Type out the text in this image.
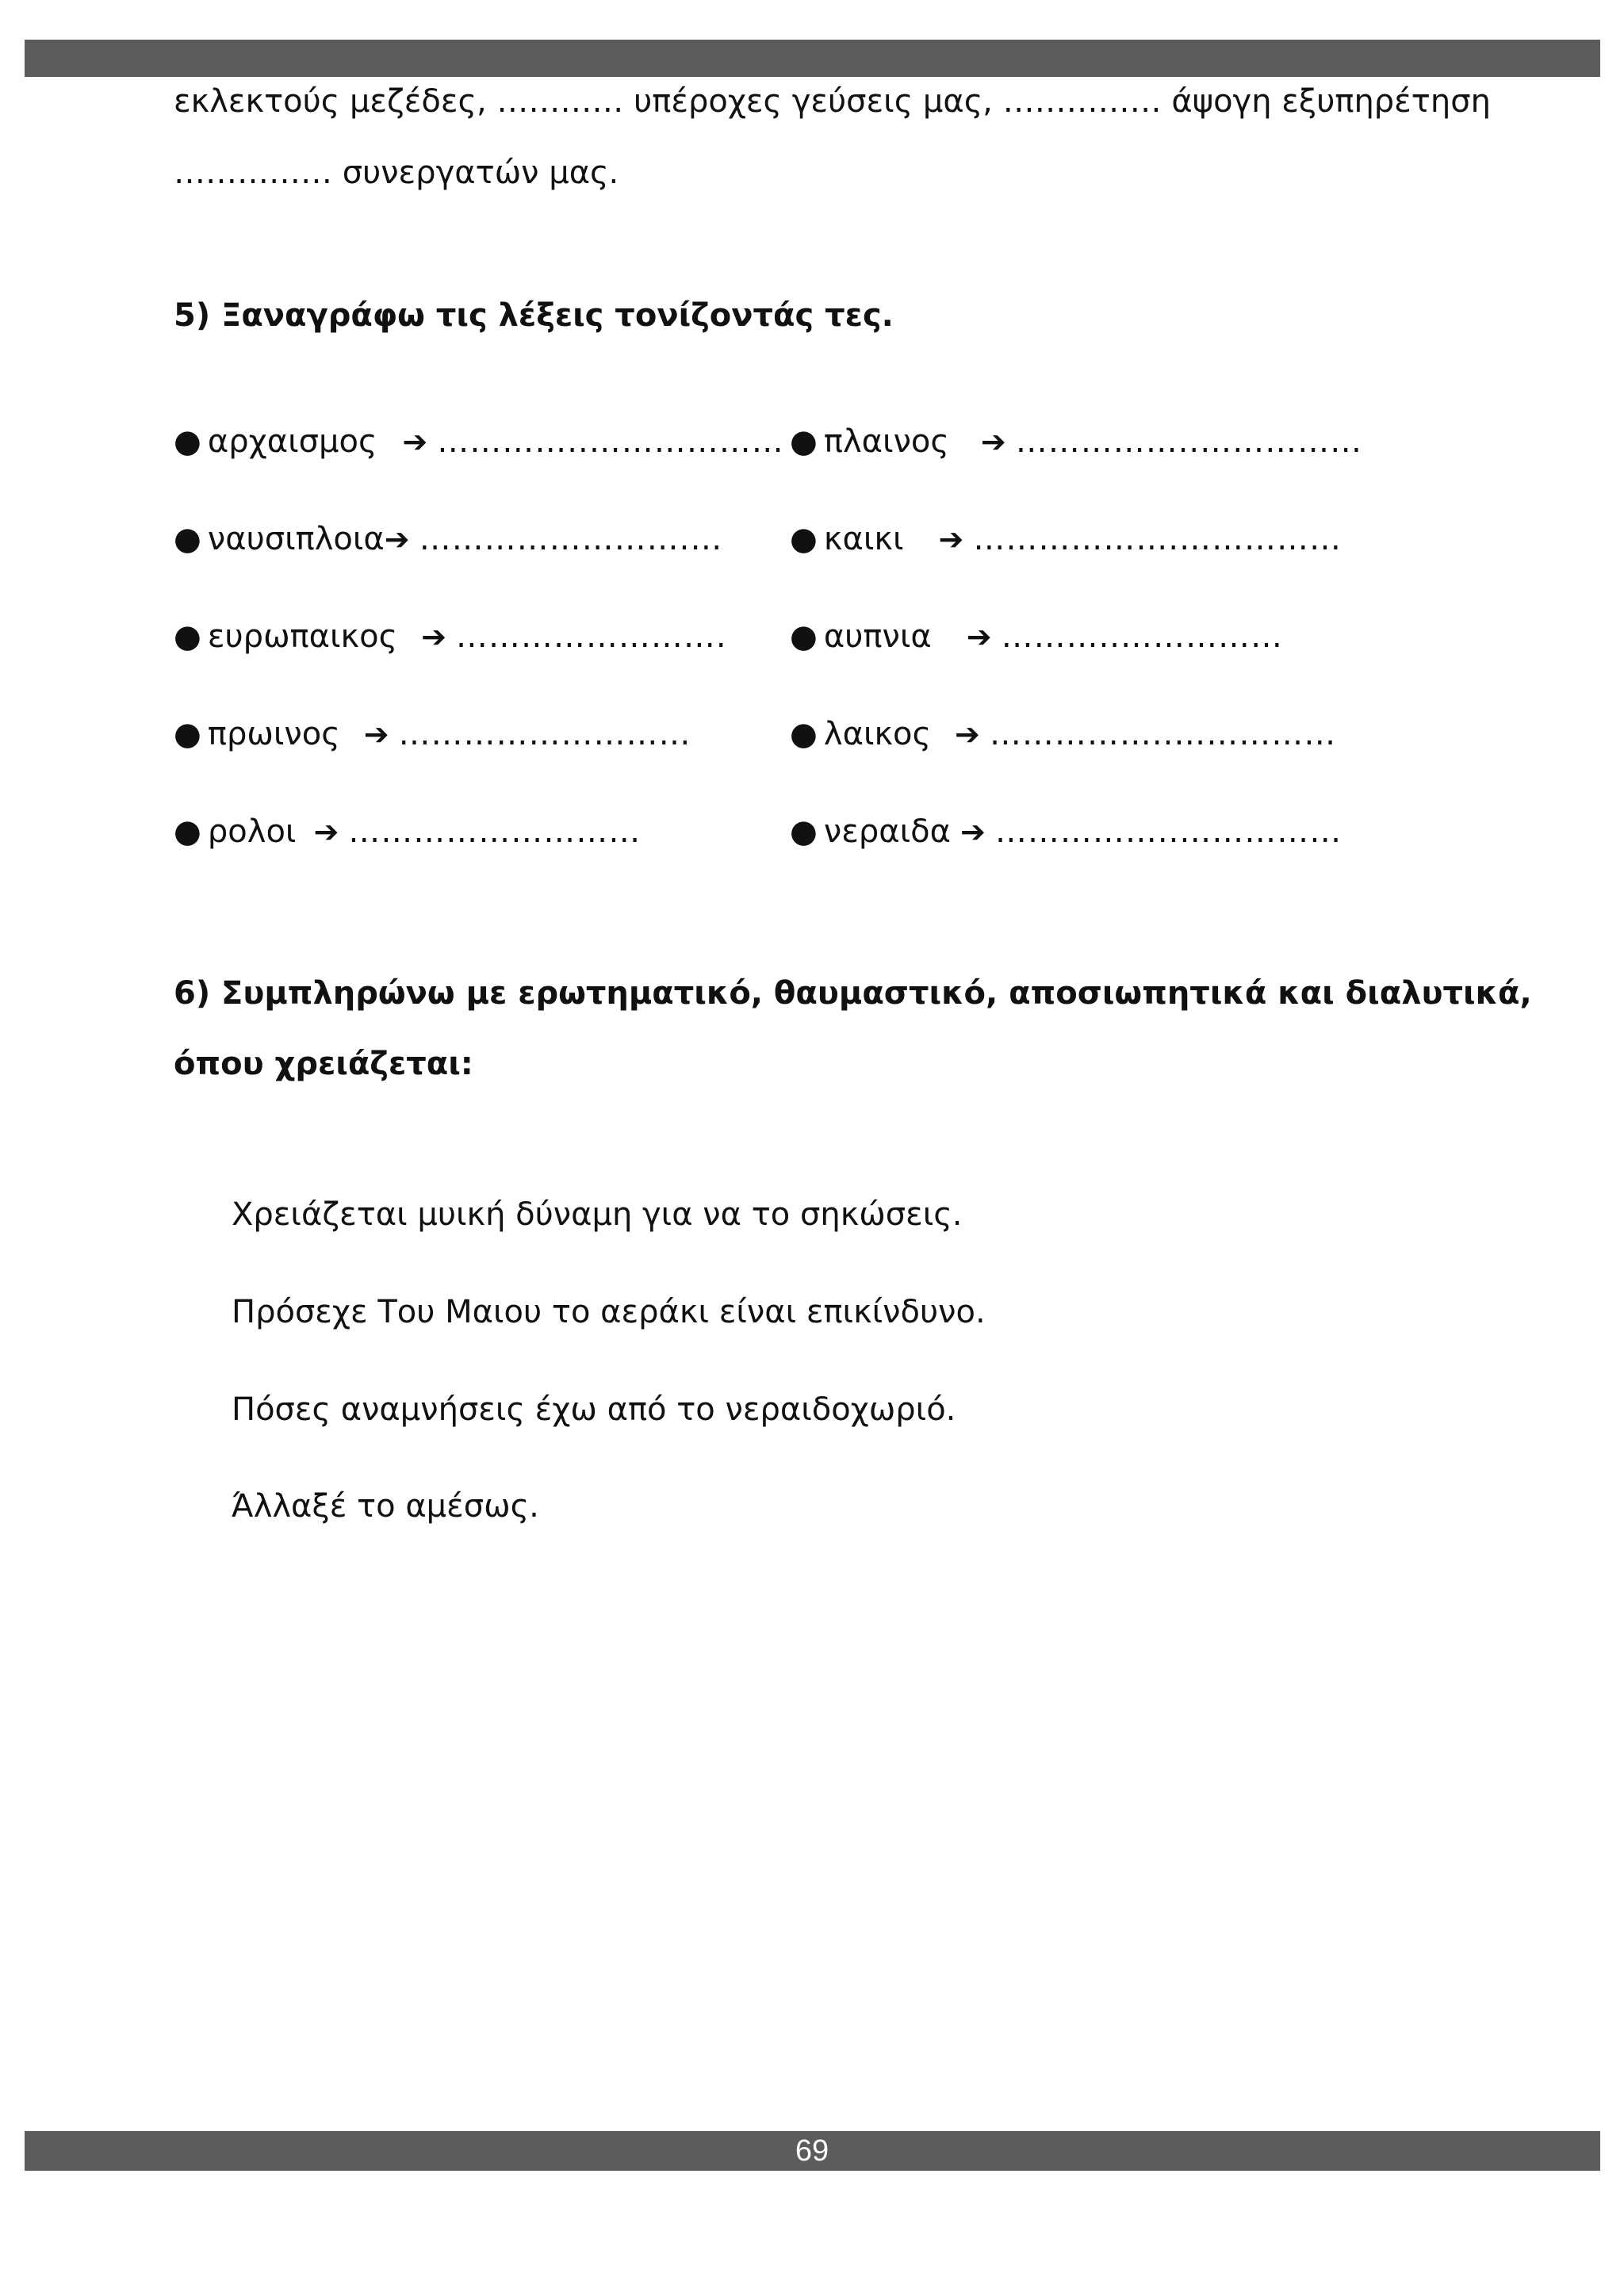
εκλεκτούς μεζέδες, ………… υπέροχες γεύσεις μας, …………… άψογη εξυπηρέτηση
…………… συνεργατών μας.
5) Ξαναγράφω τις λέξεις τονίζοντάς τες.
● αρχαισμος ➔ …………..………………
● ναυσιπλοια ➔ …………………….…
● ευρωπαικος ➔ …………………….
● πρωινος ➔ ………………………
● ρολοι ➔ ………………………
● πλαινος ➔ ……………..……………
● καικι ➔ ……………….……………
● αυπνια ➔ ………..……………
● λαικος ➔ ……………..……………
● νεραιδα ➔ ……………..……………
6) Συμπληρώνω με ερωτηματικό, θαυμαστικό, αποσιωπητικά και διαλυτικά,
όπου χρειάζεται:
Χρειάζεται μυική δύναμη για να το σηκώσεις.
Πρόσεχε Του Μαιου το αεράκι είναι επικίνδυνο.
Πόσες αναμνήσεις έχω από το νεραιδοχωριό.
Άλλαξέ το αμέσως.
69
